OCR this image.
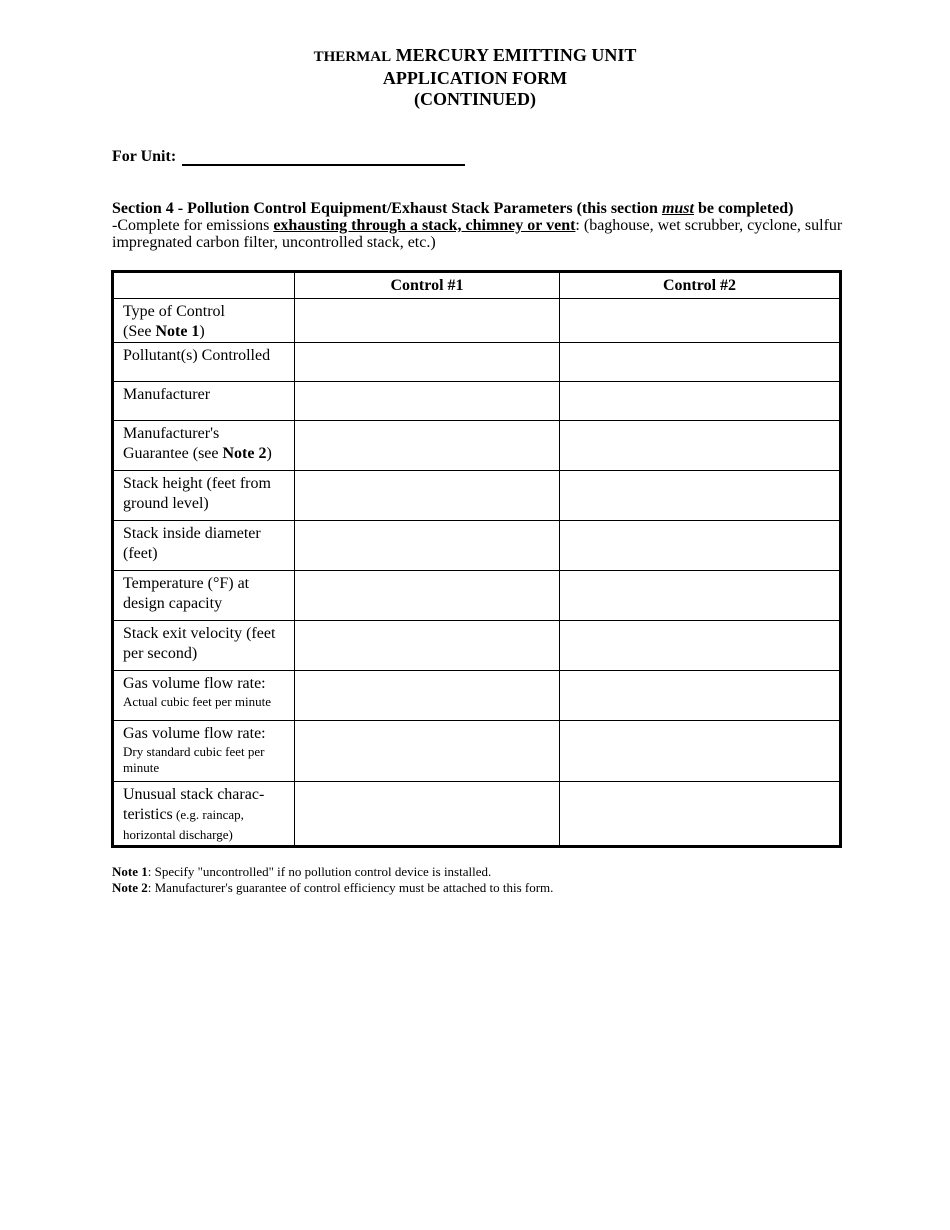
THERMAL MERCURY EMITTING UNIT
APPLICATION FORM
(CONTINUED)
For Unit:
Section 4 - Pollution Control Equipment/Exhaust Stack Parameters (this section must be completed)
-Complete for emissions exhausting through a stack, chimney or vent: (baghouse, wet scrubber, cyclone, sulfur impregnated carbon filter, uncontrolled stack, etc.)
	Control #1	Control #2

Type of Control
(See Note 1)		

Pollutant(s) Controlled		

Manufacturer		

Manufacturer's
Guarantee (see Note 2)		

Stack height (feet from ground level)		

Stack inside diameter (feet)		

Temperature (°F) at design capacity		

Stack exit velocity (feet per second)		

Gas volume flow rate:
Actual cubic feet per minute		

Gas volume flow rate:
Dry standard cubic feet per minute		

Unusual stack charac-teristics (e.g. raincap, horizontal discharge)		

Note 1: Specify "uncontrolled" if no pollution control device is installed.
Note 2: Manufacturer's guarantee of control efficiency must be attached to this form.
